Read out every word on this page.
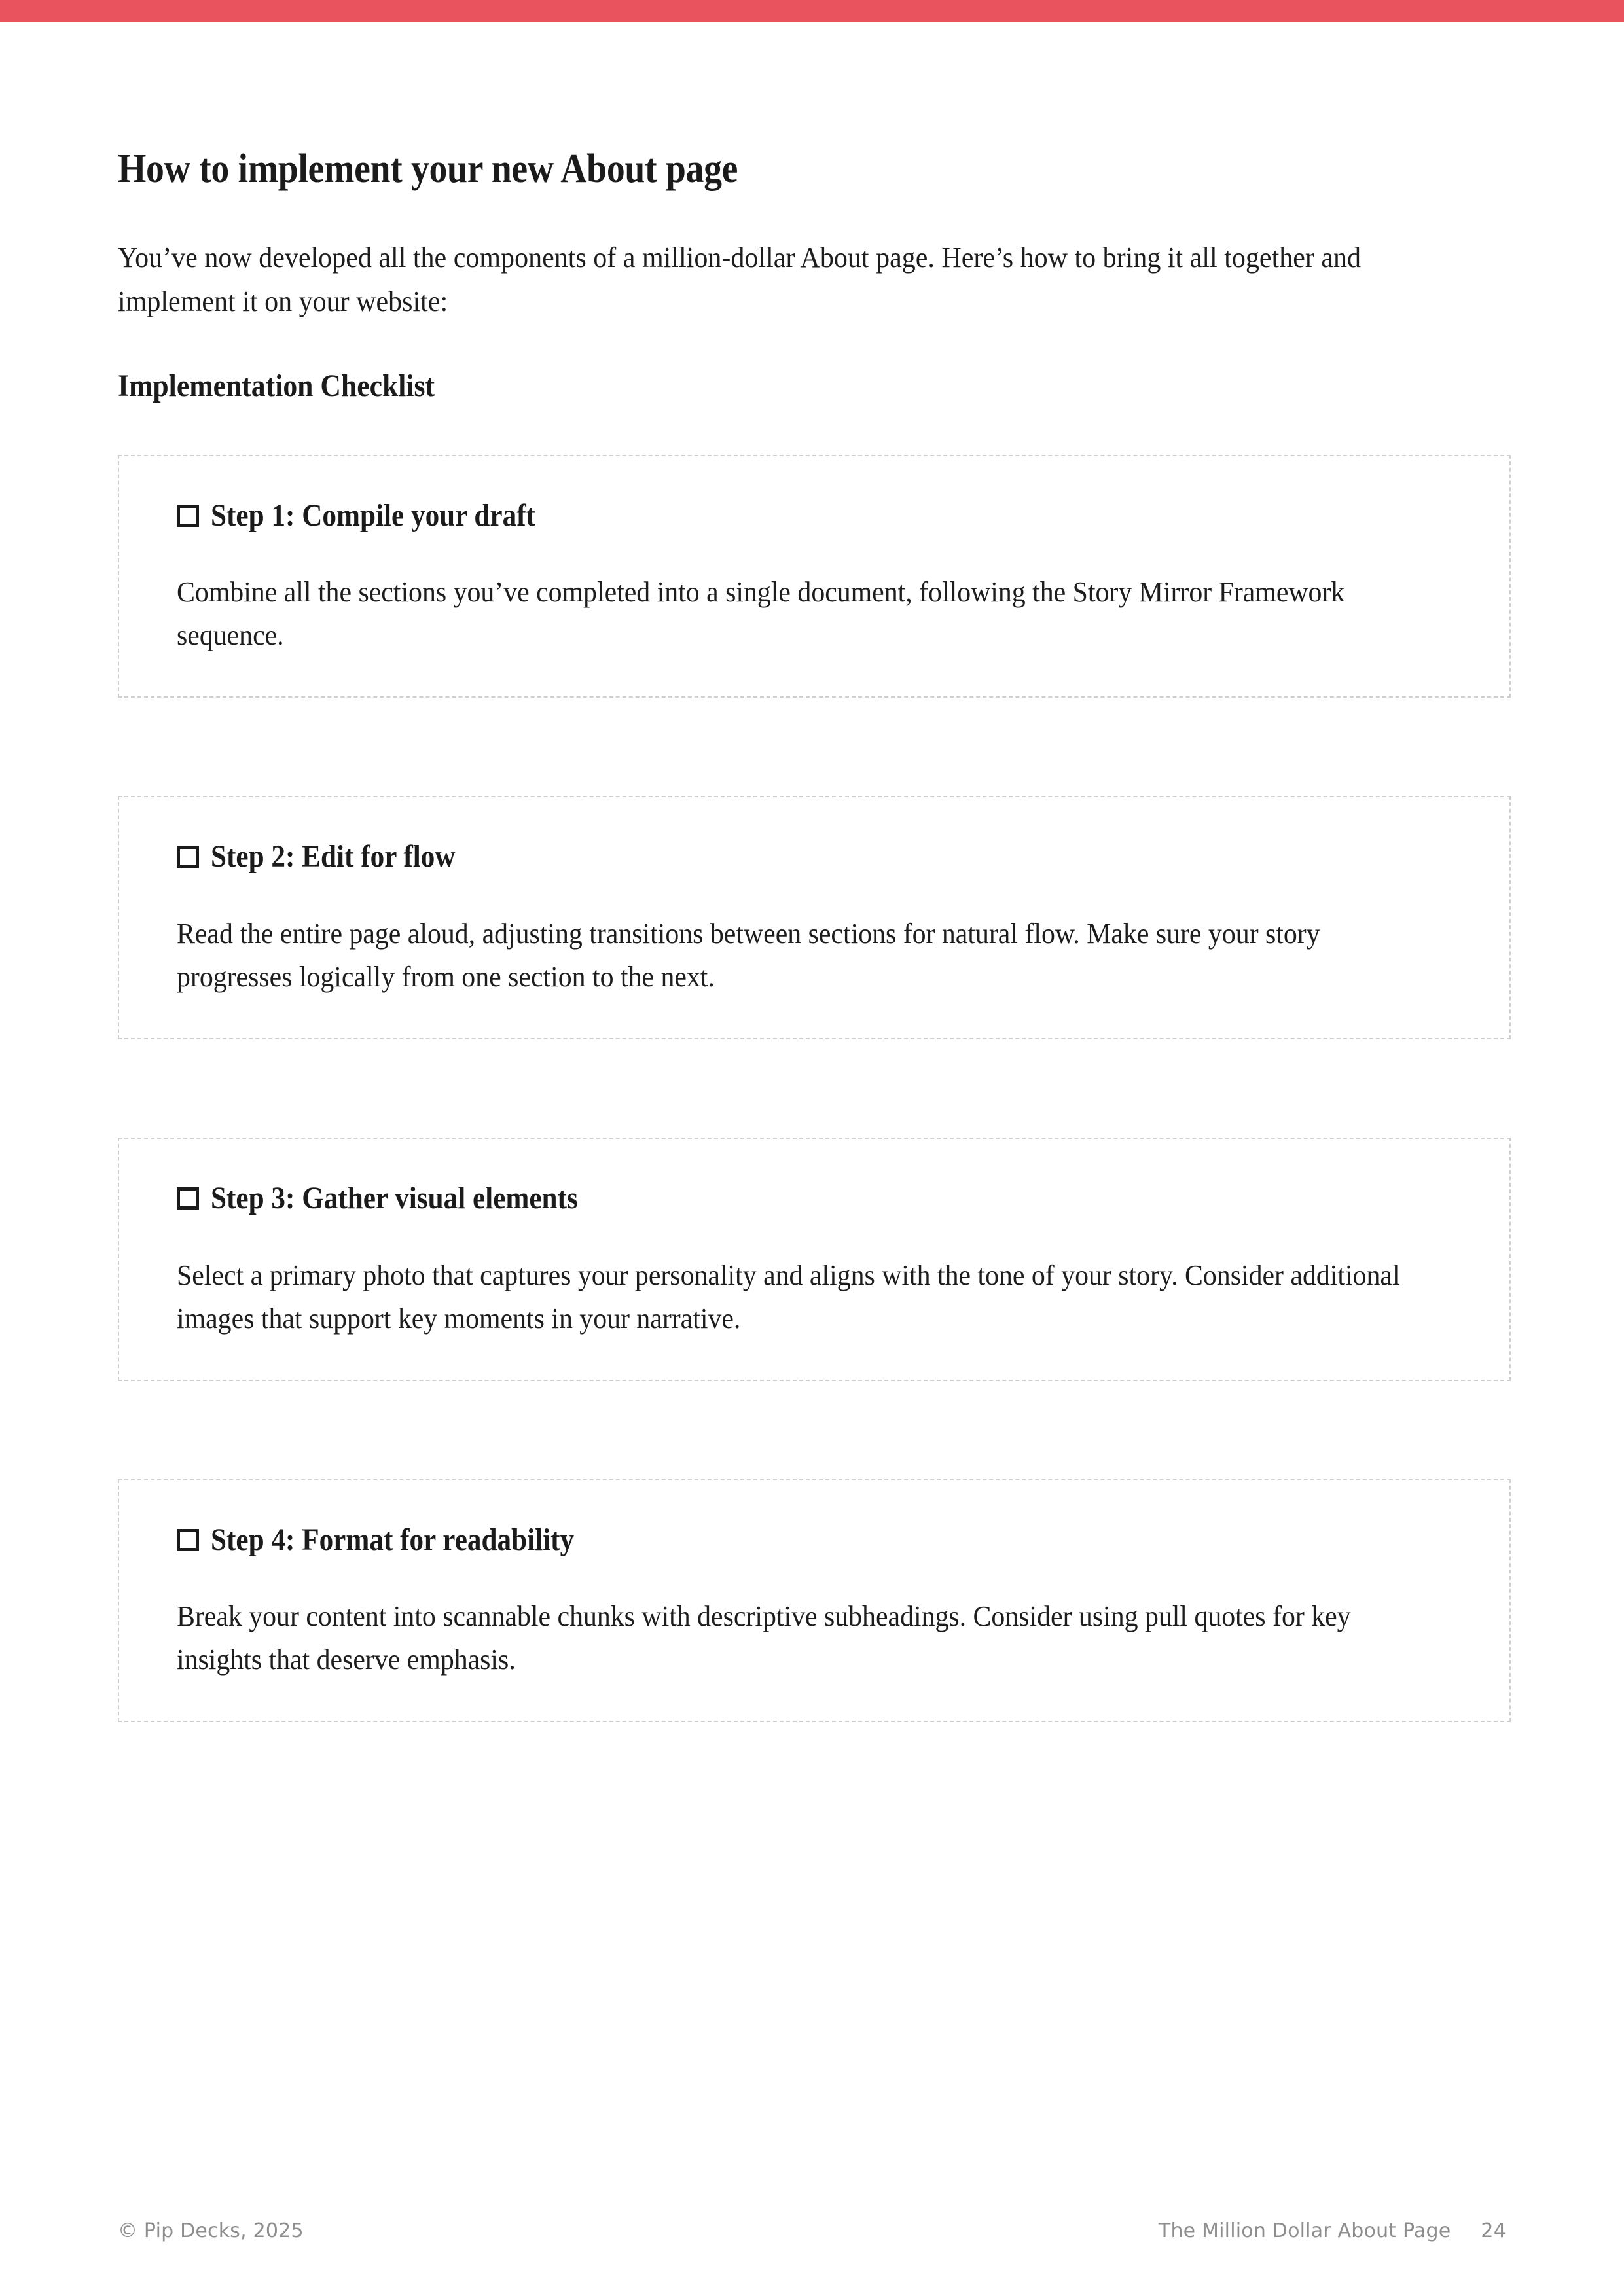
How to implement your new About page

You’ve now developed all the components of a million-dollar About page. Here’s how to bring it all together and implement it on your website:

Implementation Checklist
Step 1: Compile your draft

Combine all the sections you’ve completed into a single document, following the Story Mirror Framework sequence.

Step 2: Edit for flow

Read the entire page aloud, adjusting transitions between sections for natural flow. Make sure your story progresses logically from one section to the next.

Step 3: Gather visual elements

Select a primary photo that captures your personality and aligns with the tone of your story. Consider additional images that support key moments in your narrative.

Step 4: Format for readability

Break your content into scannable chunks with descriptive subheadings. Consider using pull quotes for key insights that deserve emphasis.

© Pip Decks, 2025	The Million Dollar About Page 24
